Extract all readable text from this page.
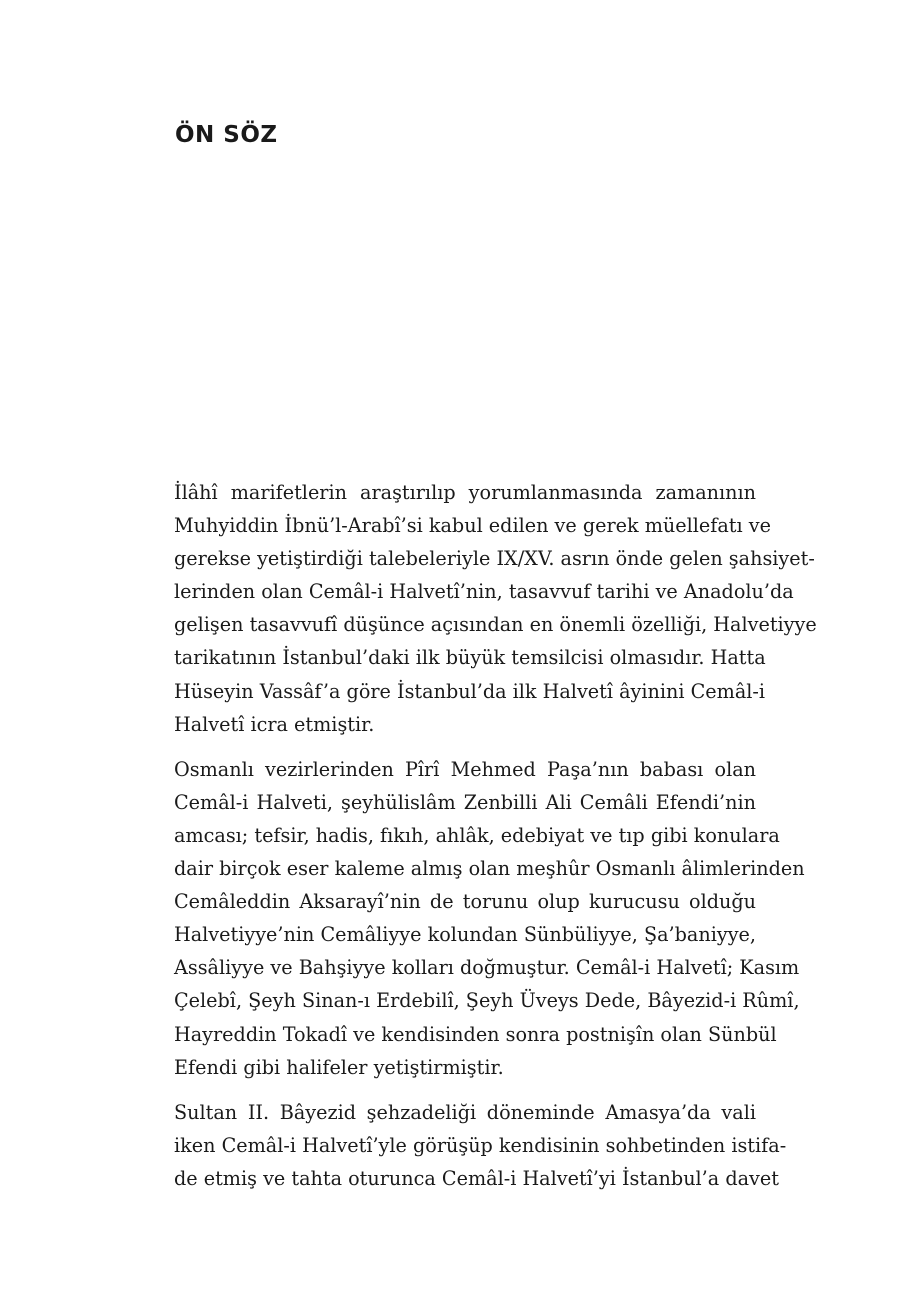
ÖN SÖZ

İlâhî marifetlerin araştırılıp yorumlanmasında zamanının
Muhyiddin İbnü’l-Arabî’si kabul edilen ve gerek müellefatı ve
gerekse yetiştirdiği talebeleriyle IX/XV. asrın önde gelen şahsiyet-
lerinden olan Cemâl-i Halvetî’nin, tasavvuf tarihi ve Anadolu’da
gelişen tasavvufî düşünce açısından en önemli özelliği, Halvetiyye
tarikatının İstanbul’daki ilk büyük temsilcisi olmasıdır. Hatta
Hüseyin Vassâf’a göre İstanbul’da ilk Halvetî âyinini Cemâl-i
Halvetî icra etmiştir.

Osmanlı vezirlerinden Pîrî Mehmed Paşa’nın babası olan
Cemâl-i Halveti, şeyhülislâm Zenbilli Ali Cemâli Efendi’nin
amcası; tefsir, hadis, fıkıh, ahlâk, edebiyat ve tıp gibi konulara
dair birçok eser kaleme almış olan meşhûr Osmanlı âlimlerinden
Cemâleddin Aksarayî’nin de torunu olup kurucusu olduğu
Halvetiyye’nin Cemâliyye kolundan Sünbüliyye, Şa’baniyye,
Assâliyye ve Bahşiyye kolları doğmuştur. Cemâl-i Halvetî; Kasım
Çelebî, Şeyh Sinan-ı Erdebilî, Şeyh Üveys Dede, Bâyezid-i Rûmî,
Hayreddin Tokadî ve kendisinden sonra postnişîn olan Sünbül
Efendi gibi halifeler yetiştirmiştir.

Sultan II. Bâyezid şehzadeliği döneminde Amasya’da vali
iken Cemâl-i Halvetî’yle görüşüp kendisinin sohbetinden istifa-
de etmiş ve tahta oturunca Cemâl-i Halvetî’yi İstanbul’a davet
